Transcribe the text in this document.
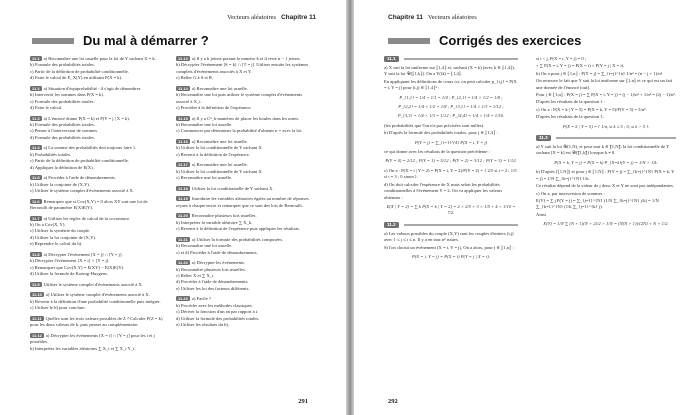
Vecteurs aléatoires Chapitre 11
Du mal à démarrer ?
11.1 a) Reconnaître une loi usuelle pour la loi de Y sachant X = k.
b) Formule des probabilités totales.
c) Partir de la définition de probabilité conditionnelle.
d) Faire le calcul de E_X(Y) en utilisant P(X = k).
11.2 a) Situation d'équiprobabilité : il s'agit de dénombrer.
b) Intervertir les sommes dans P(X = k).
c) Formule des probabilités totales.
d) Faire le calcul.
11.3 a) L'énoncé donne P(X = k) et P(Y = j | X = k).
b) Formule des probabilités totales.
c) Penser à l'interversion de sommes.
d) Formule des probabilités totales.
11.4 a) La somme des probabilités doit toujours faire 1.
b) Probabilités totales.
c) Partir de la définition de probabilité conditionnelle.
d) Appliquer la définition de E(X).
11.5 a) Procéder à l'aide de dénombrements.
b) Utiliser la conjointe de (X,Y).
c) Utiliser le système complet d'événements associé à X.
11.6 Remarquer que si Cov(X,Y) = 0 alors XY suit une loi de Bernoulli de paramètre E(X)E(Y).
11.7 a) Utiliser les règles de calcul de la covariance.
b) On a Cov(X, Y).
c) Utiliser la symétrie du couple.
d) Utiliser la loi conjointe de (X,Y).
e) Reprendre le calcul du b).
11.8 a) Décrypter l'événement [X = j] ∩ [Y = j].
b) Décrypter l'événement [X = i] ∩ [Y = j].
c) Remarquer que Cov(X,Y) = E(XY) − E(X)E(Y).
d) Utiliser la formule de Koenig-Huygens.
11.9 Utiliser le système complet d'événements associé à X.
11.10 a) Utiliser le système complet d'événements associé à X.
b) Revenir à la définition d'une probabilité conditionnelle puis intégrer.
c) Utiliser le b) pour conclure.
11.11 Quelles sont les trois valeurs possibles de Z ? Calculer P(Z = k) pour les deux valeurs de k, puis penser au complémentaire.
11.12 a) Décrypter les événements [X = i] ∩ [Y = j] pour les i et j possibles.
b) Interpréter les variables aléatoires ∑ X_i et ∑ X_i Y_i.
11.13 a) Il y a k jetons portant le numéro k et il reste n − 1 jetons.
b) Décrypter l'événement [S = k] ∩ [T = j]. Utiliser ensuite les systèmes complets d'événements associés à X et Y.
c) Relier G à S et R.
11.14 a) Reconnaître une loi usuelle.
b) Reconnaître une loi puis utiliser le système complet d'événements associé à X_i.
c) Procéder à la définition de l'espérance.
11.15 a) Il y a Cⁿ_k manières de placer les boules dans les urnes.
b) Reconnaître une loi usuelle.
c) Commencer par déterminer la probabilité d'obtenir n = avec la loi.
11.16 a) Reconnaître une loi usuelle.
b) Utiliser la loi conditionnelle de Y sachant X.
c) Revenir à la définition de l'espérance.
11.17 a) Reconnaître une loi usuelle.
b) Utiliser la loi conditionnelle de Y sachant X.
c) Reconnaître une loi usuelle.
11.18 Utiliser la loi conditionnelle de Y sachant X.
11.19 Introduire les variables aléatoires égales au nombre de réponses reçues à chaque envoi et remarquer que ce sont des lois de Bernoulli.
11.20 Reconnaître plusieurs lois usuelles.
b) Interpréter la variable aléatoire ∑ X_k.
c) Revenir à la définition de l'espérance puis appliquer les résultats.
11.21 a) Utiliser la formule des probabilités composées.
b) Reconnaître une loi usuelle.
c) et d) Procéder à l'aide de dénombrements.
11.22 a) Décrypter les événements.
b) Reconnaître plusieurs lois usuelles.
c) Relier X et ∑ X_i.
d) Procéder à l'aide de dénombrements.
e) Utiliser les loi des facteurs différents.
11.23 a) Facile ?
b) Procéder avec les méthodes classiques.
c) Dériver la fonction d'un an par rapport à t.
d) Utiliser la formule des probabilités totales.
e) Utiliser les résultats du b).
291
Chapitre 11 Vecteurs aléatoires
Corrigés des exercices
11.1
a) X suit la loi uniforme sur ⟦1,4⟧ et, sachant (X = k) (avec k ∈ ⟦1,4⟧), Y suit la loi 𝒰(⟦1,k⟧). On a Y(Ω) = ⟦1,4⟧.
En appliquant les définitions de cours ici, on peut calculer p_{i,j} = P(X = i, Y = j) pour (i,j) ∈ ⟦1,4⟧² :
P_{1,1} = 1/4 × 1/1 = 1/4 ; P_{2,1} = 1/4 × 1/2 = 1/8 ;
P_{2,2} = 1/4 × 1/2 = 1/8 ; P_{3,1} = 1/4 × 1/3 = 1/12 ;
P_{3,3} = 1/4 × 1/3 = 1/12 ; P_{4,4} = 1/4 × 1/4 = 1/16.
(les probabilités que l'on n'a pas précisées sont nulles).
b) D'après la formule des probabilités totales, pour j ∈ ⟦1,4⟧ :
P(Y = j) = ∑_{i=1}^{4} P(X = i, Y = j)
ce qui donne avec les résultats de la question précédente :
P(Y = 0) = 2/12 ; P(Y = 1) = 5/12 ; P(Y = 2) = 3/12 ; P(Y = 3) = 1/12.
c) On a : P(X = i | Y = 2) = P(X = i, Y = 2)/P(Y = 2) = { 2/5 si i = 2 ; 1/5 si i = 3 ; 0 sinon }.
d) On doit calculer l'espérance de X mais selon les probabilités conditionnelles à l'événement Y = 2. On va appliquer les valeurs obtenues :
E(X | Y = 2) = ∑ k P(X = k | Y = 2) = 2 × 2/5 + 3 × 1/5 + 4 × 1/10 = 7/2.
11.2
a) Les valeurs possibles du couple (X,Y) sont les couples d'entiers (i,j) avec 1 ≤ j ≤ i ≤ n. Il y a en tout n² issues.
Si l'on choisit un événement (X = i, Y = j), On a alors, pour j ∈ ⟦1,n⟧ :
P(X = i, Y = j) = P(X = i) P(Y = j | X = i).
si i < j, P(X = i, Y = j) = 0 ;
+ ∑ P(X = i, Y = j) = P(X = i) × P(Y = j | X = i).
b) On a pour j ∈ ⟦1,n⟧ : P(Y = j) = ∑_{i=j}^{n} 1/n² = (n − j + 1)/n².
On retrouve le fait que Y suit la loi uniforme sur ⟦1,n⟧ et ce qui est un fait une donnée de l'énoncé (ouf).
Pour j ∈ ⟦1,n⟧ : P(X = j) = ∑ P(X = i, Y = j) = (j − 1)/n² + 1/n² = (2j − 1)/n².
D'après les résultats de la question 1 :
c) On a : P(X = k | Y = 5) = P(X = k, Y = 5)/P(Y = 5) = 5/n².
D'après les résultats de la question 1,
P(X = k | Y = 5) = { 1/n, si k ≤ 5 ; 0, si k > 5 }.
11.3
a) Y suit la loi 𝒰(1,N), et pour tout k ∈ ⟦1,N⟧, la loi conditionnelle de Y sachant [X = k] est 𝒰(⟦1,k⟧) lorsque k ≠ 0.
P(X = k, Y = j) = P(X = k) P_{X=k}(Y = j) = 1/N × 1/k.
b) D'après [⟦1,N⟧] et pour j ∈ ⟦1,N⟧ : P(Y = j) = ∑_{k=j}^{N} P(X = k, Y = j) = 1/N ∑_{k=j}^{N} 1/k.
Ce résultat dépend de la valeur de j donc X et Y ne sont pas indépendantes.
c) On a, par interversion de sommes :
E(Y) = ∑ j P(Y = j) = ∑_{j=1}^{N} (1/N ∑_{k=j}^{N} j/k) = 1/N ∑_{k=1}^{N} (1/k ∑_{j=1}^{k} j).
Ainsi
E(Y) = 1/N ∑ (N + 1)(N + 2)/2 × 1/N = (N(N + 1))/(2N) + N + 1/2.
292
